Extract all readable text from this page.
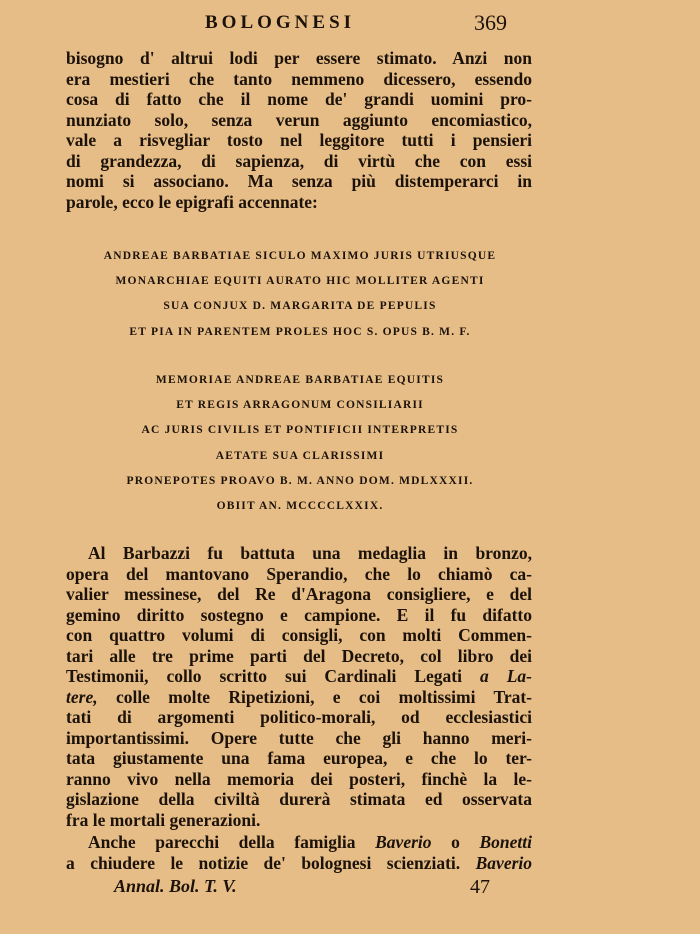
BOLOGNESI	369
bisogno d' altrui lodi per essere stimato. Anzi non
era mestieri che tanto nemmeno dicessero, essendo
cosa di fatto che il nome de' grandi uomini pro-
nunziato solo, senza verun aggiunto encomiastico,
vale a risvegliar tosto nel leggitore tutti i pensieri
di grandezza, di sapienza, di virtù che con essi
nomi si associano. Ma senza più distemperarci in
parole, ecco le epigrafi accennate:
ANDREAE BARBATIAE SICULO MAXIMO JURIS UTRIUSQUE
MONARCHIAE EQUITI AURATO HIC MOLLITER AGENTI
SUA CONJUX D. MARGARITA DE PEPULIS
ET PIA IN PARENTEM PROLES HOC S. OPUS B. M. F.
MEMORIAE ANDREAE BARBATIAE EQUITIS
ET REGIS ARRAGONUM CONSILIARII
AC JURIS CIVILIS ET PONTIFICII INTERPRETIS
AETATE SUA CLARISSIMI
PRONEPOTES PROAVO B. M. ANNO DOM. MDLXXXII.
OBIIT AN. MCCCCLXXIX.
Al Barbazzi fu battuta una medaglia in bronzo,
opera del mantovano Sperandio, che lo chiamò ca-
valier messinese, del Re d'Aragona consigliere, e del
gemino diritto sostegno e campione. E il fu difatto
con quattro volumi di consigli, con molti Commen-
tari alle tre prime parti del Decreto, col libro dei
Testimonii, collo scritto sui Cardinali Legati a La-
tere, colle molte Ripetizioni, e coi moltissimi Trat-
tati di argomenti politico-morali, od ecclesiastici
importantissimi. Opere tutte che gli hanno meri-
tata giustamente una fama europea, e che lo ter-
ranno vivo nella memoria dei posteri, finchè la le-
gislazione della civiltà durerà stimata ed osservata
fra le mortali generazioni.
Anche parecchi della famiglia Baverio o Bonetti
a chiudere le notizie de' bolognesi scienziati. Baverio
Annal. Bol. T. V.	47
